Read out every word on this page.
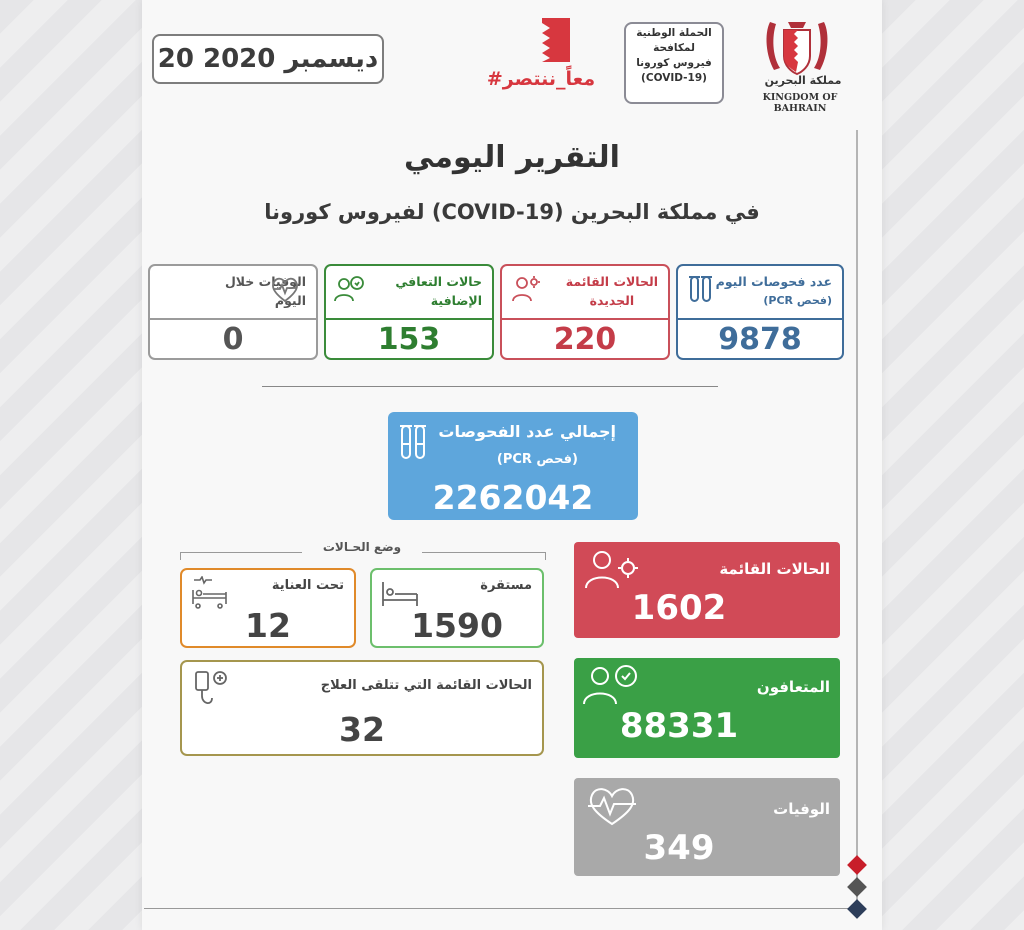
20 ديسمبر 2020
#معاً_ننتصر
الحملة الوطنية
لمكافحة
فيروس كورونا
(COVID-19)	مملكة البحرين
KINGDOM OF BAHRAIN
التقرير اليومي
لفيروس كورونا (COVID-19) في مملكة البحرين
عدد فحوصات اليوم
(فحص PCR)
9878
الحالات القائمة
الجديدة
220
حالات التعافي
الإضافية
153
الوفيات خلال
اليوم
0
إجمالي عدد الفحوصات
(فحص PCR)
2262042
وضع الحـالات
مستقرة
1590
تحت العناية
12
الحالات القائمة التي تتلقى العلاج
32
الحالات القائمة
1602
المتعافون
88331
الوفيات
349
